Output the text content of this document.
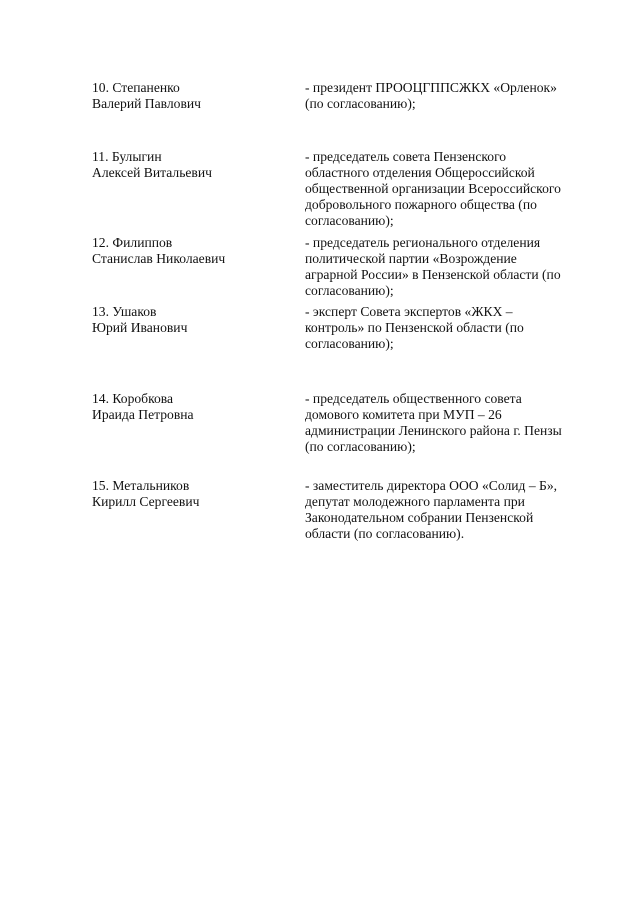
10. Степаненко
Валерий Павлович
- президент ПРООЦГППСЖКХ «Орленок»
(по согласованию);
11. Булыгин
Алексей Витальевич
- председатель совета Пензенского
областного отделения Общероссийской
общественной организации Всероссийского
добровольного пожарного общества (по
согласованию);
12. Филиппов
Станислав Николаевич
- председатель регионального отделения
политической партии «Возрождение
аграрной России» в Пензенской области (по
согласованию);
13. Ушаков
Юрий Иванович
- эксперт Совета экспертов «ЖКХ –
контроль» по Пензенской области (по
согласованию);
14. Коробкова
Ираида Петровна
- председатель общественного совета
домового комитета при МУП – 26
администрации Ленинского района г. Пензы
(по согласованию);
15. Метальников
Кирилл Сергеевич
- заместитель директора ООО «Солид – Б»,
депутат молодежного парламента при
Законодательном собрании Пензенской
области (по согласованию).
